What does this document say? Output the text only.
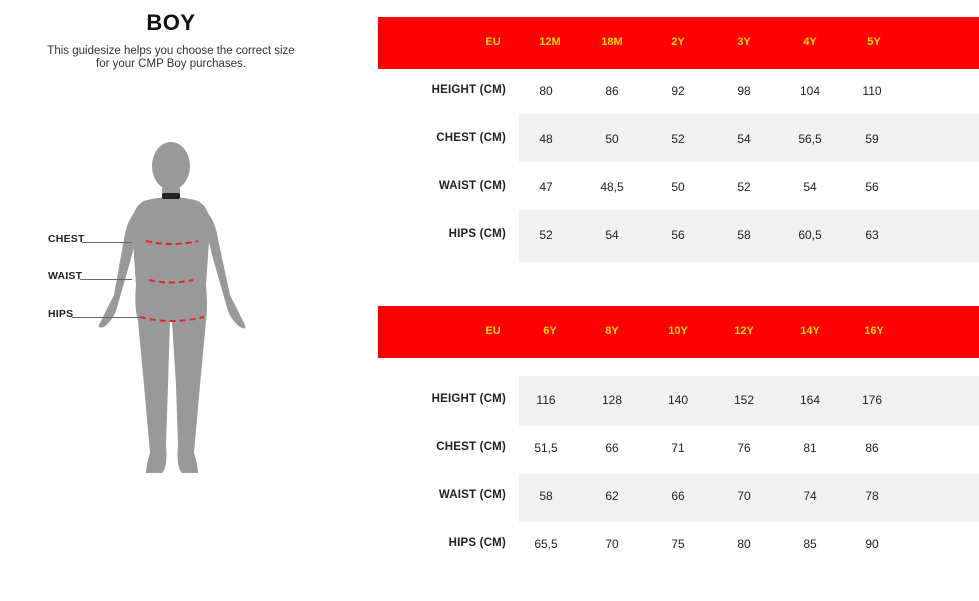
BOY
This guidesize helps you choose the correct size
for your CMP Boy purchases.
CHEST
WAIST
HIPS
EU	12M	18M	2Y	3Y	4Y	5Y
HEIGHT (CM)	80	86	92	98	104	110
CHEST (CM)	48	50	52	54	56,5	59
WAIST (CM)	47	48,5	50	52	54	56
HIPS (CM)	52	54	56	58	60,5	63
EU	6Y	8Y	10Y	12Y	14Y	16Y
HEIGHT (CM)	116	128	140	152	164	176
CHEST (CM)	51,5	66	71	76	81	86
WAIST (CM)	58	62	66	70	74	78
HIPS (CM)	65,5	70	75	80	85	90
